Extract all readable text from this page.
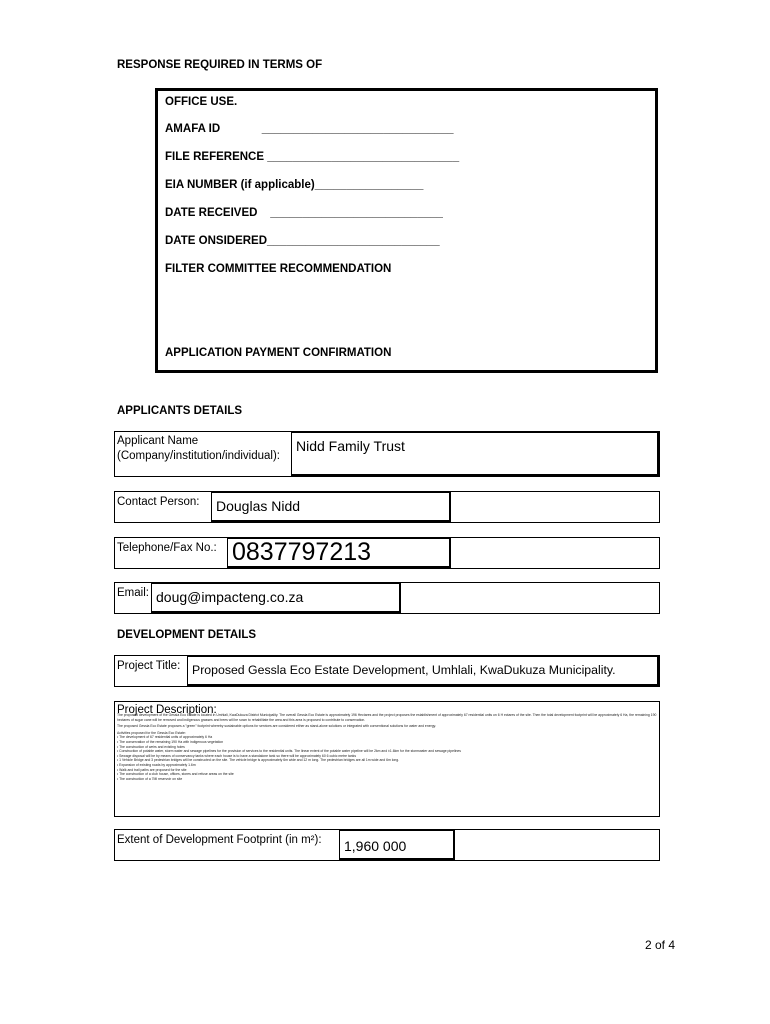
RESPONSE REQUIRED IN TERMS OF
OFFICE USE.
AMAFA ID             ______________________________
FILE REFERENCE ______________________________
EIA NUMBER (if applicable)_________________
DATE RECEIVED    ___________________________
DATE ONSIDERED___________________________
FILTER COMMITTEE RECOMMENDATION
APPLICATION PAYMENT CONFIRMATION
APPLICANTS DETAILS
Applicant Name
(Company/institution/individual):
Nidd Family Trust
Contact Person: Douglas Nidd
Telephone/Fax No.: 0837797213
Email: doug@impacteng.co.za
DEVELOPMENT DETAILS
Project Title: Proposed Gessla Eco Estate Development, Umhlali, KwaDukuza Municipality.
Project Description:

The proposed development of the Gessla Eco Estate is located in Umhlali, KwaDukuza District Municipality. The overall Gessla Eco Estate is approximately 196 Hectares and the project proposes the establishment of approximately 67 residential units on 6 H ectares of the site. Then the total development footprint will be approximately 6 Ha, the remaining 190 hectares of sugar cane will be removed and indigenous grasses and trees will be sown to rehabilitate the area and this area is proposed to contribute to conservation.

The proposed Gessla Eco Estate proposes a "green" footprint whereby sustainable options for services are considered either as stand-alone solutions or integrated with conventional solutions for water and energy.

Activities proposed for the Gessla Eco Estate:
• The development of 67 residential units of approximately 6 Ha
• The conservation of the remaining 190 Ha with indigenous vegetation
• The construction of weirs and existing holes
• Construction of potable water, storm water and sewage pipelines for the provision of services to the residential units. The linear extent of the potable water pipeline will be 2km and ±1.6km for the stormwater and sewage pipelines
• Sewage disposal will be by means of conservancy tanks where each house is to have a standalone tank so there will be approximately 60 6 cubic metre tanks
• 1 Vehicle Bridge and 3 pedestrian bridges will be constructed on the site. The vehicle bridge is approximately 6m wide and 12 m long. The pedestrian bridges are all 1m wide and 6m long.
• Expansion of existing roads by approximately 1.6m
• Walk and trail paths are proposed for the site
• The construction of a club house, offices, stores and refuse areas on the site
• The construction of a 7Ml reservoir on site
Extent of Development Footprint (in m²): 1,960 000
2 of 4
